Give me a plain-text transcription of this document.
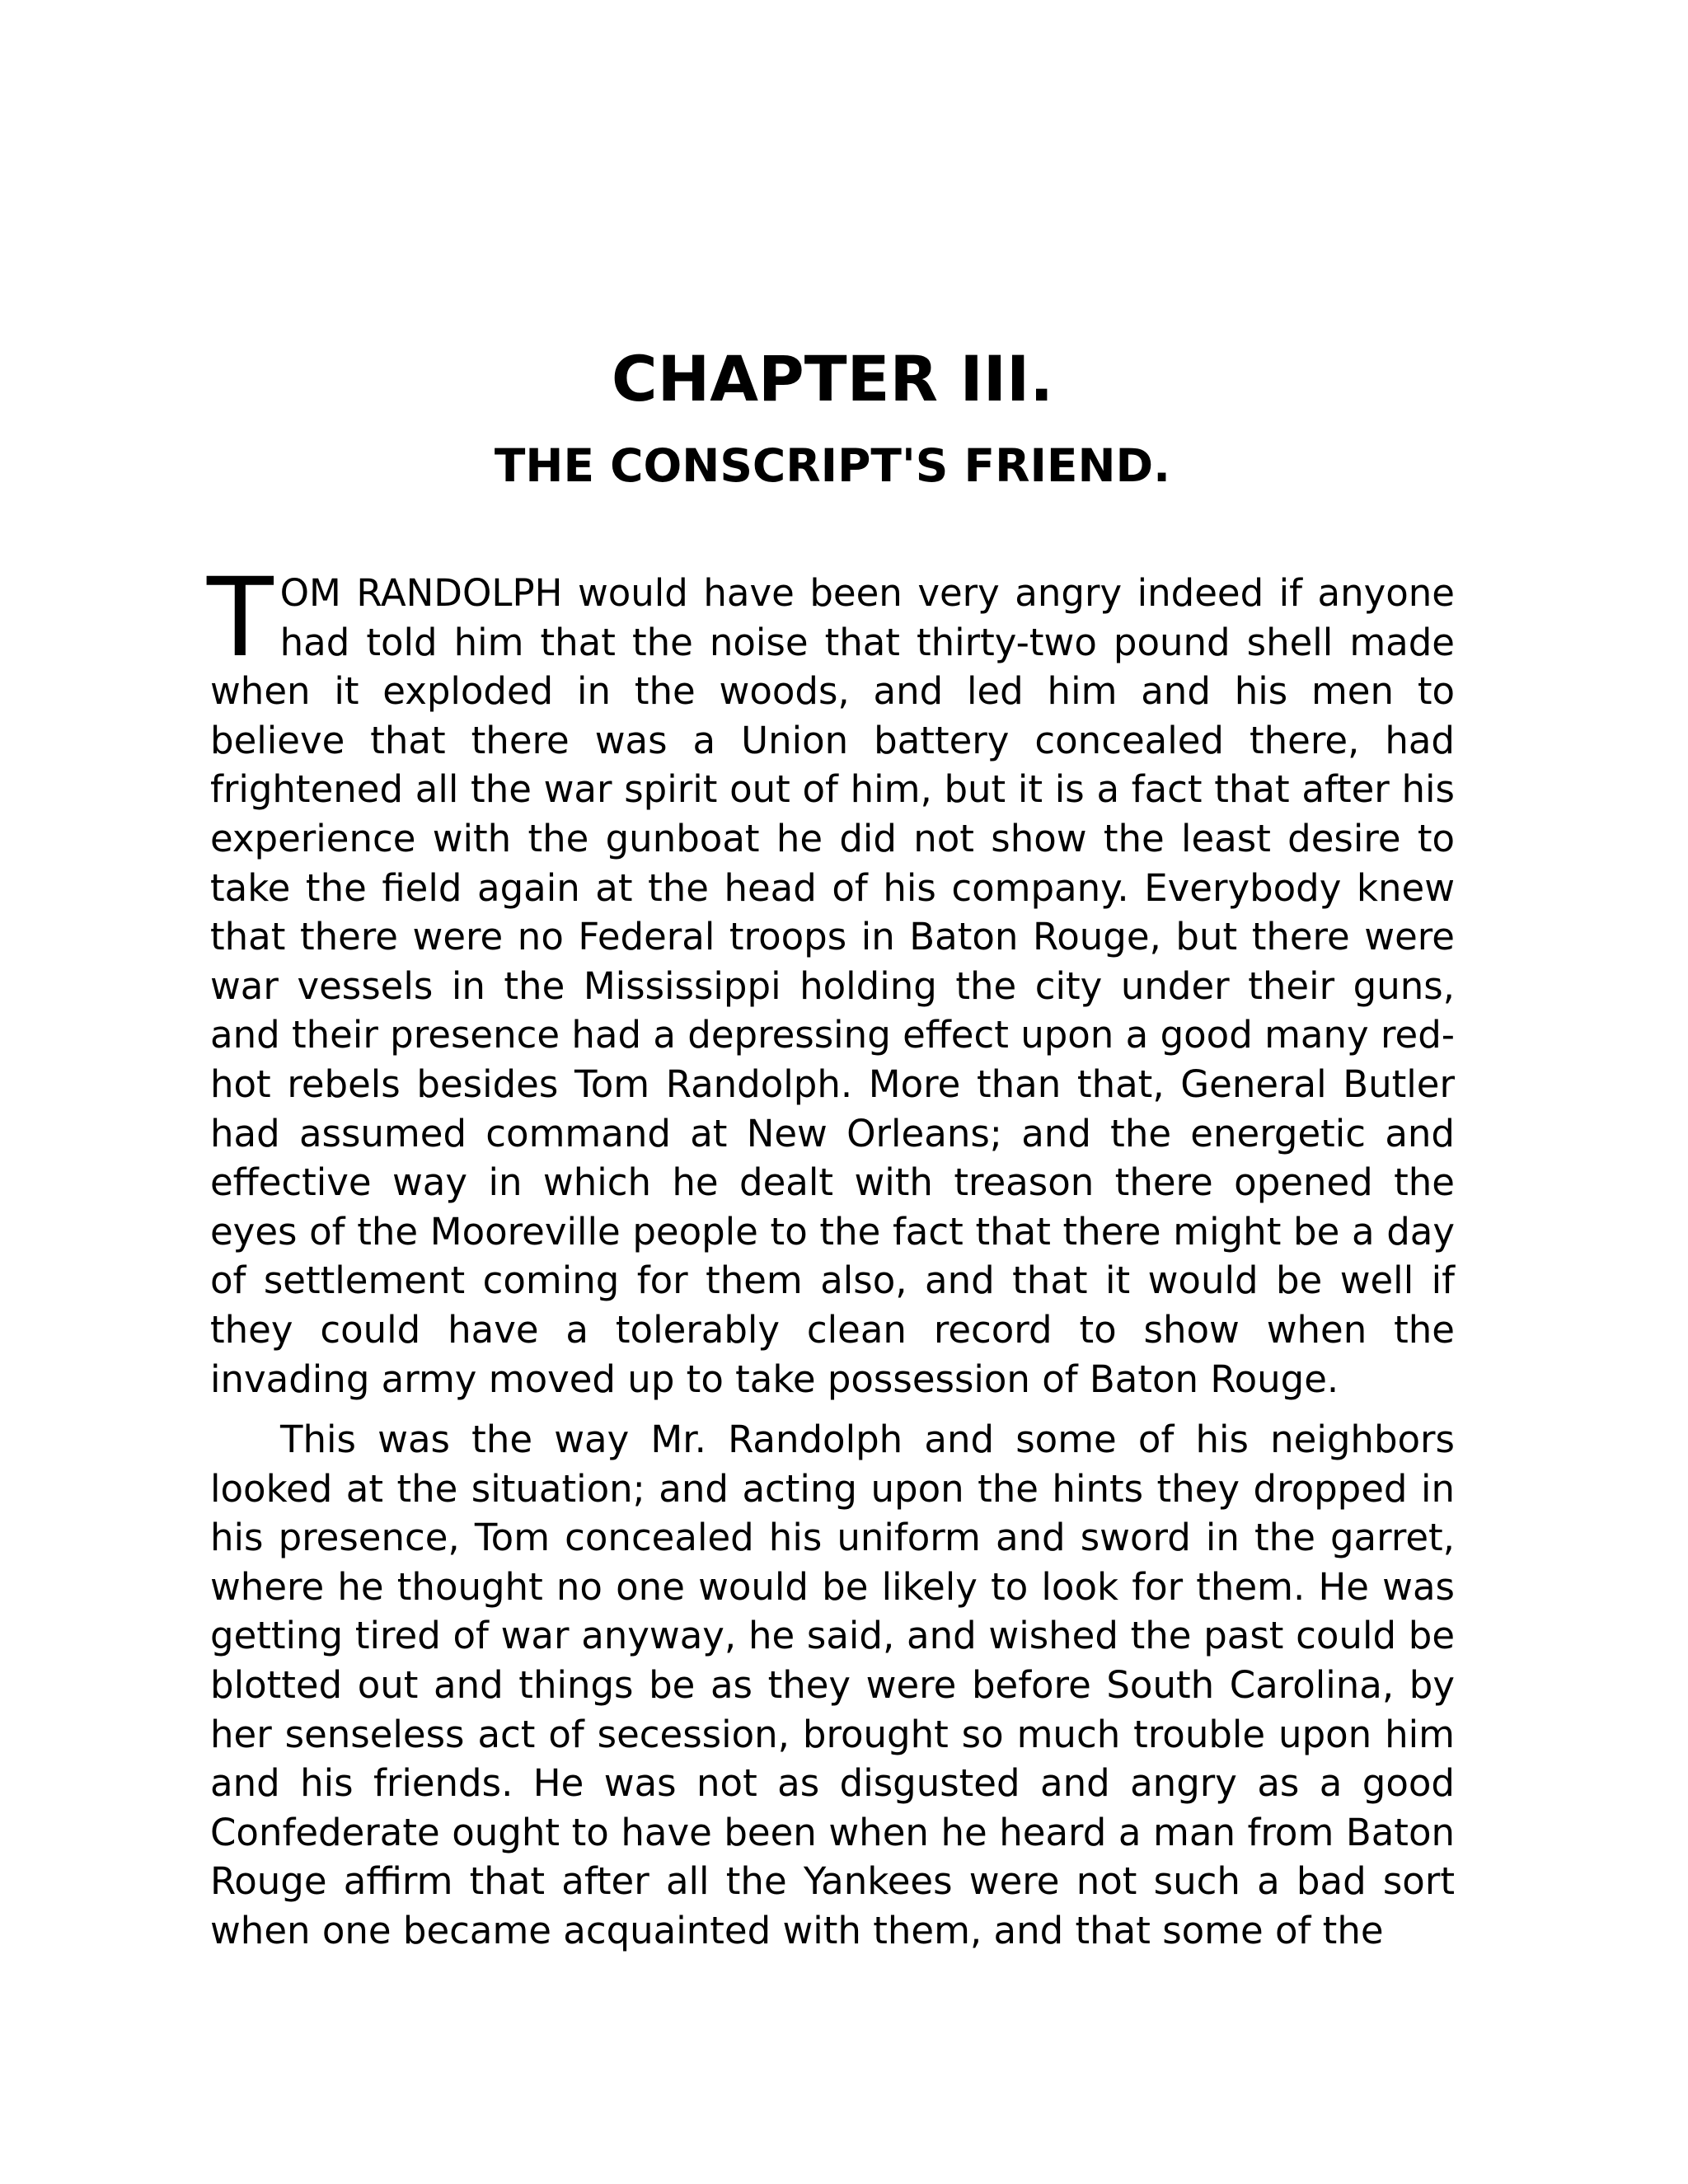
CHAPTER III.
THE CONSCRIPT'S FRIEND.

TOM RANDOLPH would have been very angry indeed if anyone had told him that the noise that thirty-two pound shell made when it exploded in the woods, and led him and his men to believe that there was a Union battery concealed there, had frightened all the war spirit out of him, but it is a fact that after his experience with the gunboat he did not show the least desire to take the field again at the head of his company. Everybody knew that there were no Federal troops in Baton Rouge, but there were war vessels in the Mississippi holding the city under their guns, and their presence had a depressing effect upon a good many red-hot rebels besides Tom Randolph. More than that, General Butler had assumed command at New Orleans; and the energetic and effective way in which he dealt with treason there opened the eyes of the Mooreville people to the fact that there might be a day of settlement coming for them also, and that it would be well if they could have a tolerably clean record to show when the invading army moved up to take possession of Baton Rouge.

This was the way Mr. Randolph and some of his neighbors looked at the situation; and acting upon the hints they dropped in his presence, Tom concealed his uniform and sword in the garret, where he thought no one would be likely to look for them. He was getting tired of war anyway, he said, and wished the past could be blotted out and things be as they were before South Carolina, by her senseless act of secession, brought so much trouble upon him and his friends. He was not as disgusted and angry as a good Confederate ought to have been when he heard a man from Baton Rouge affirm that after all the Yankees were not such a bad sort when one became acquainted with them, and that some of the
